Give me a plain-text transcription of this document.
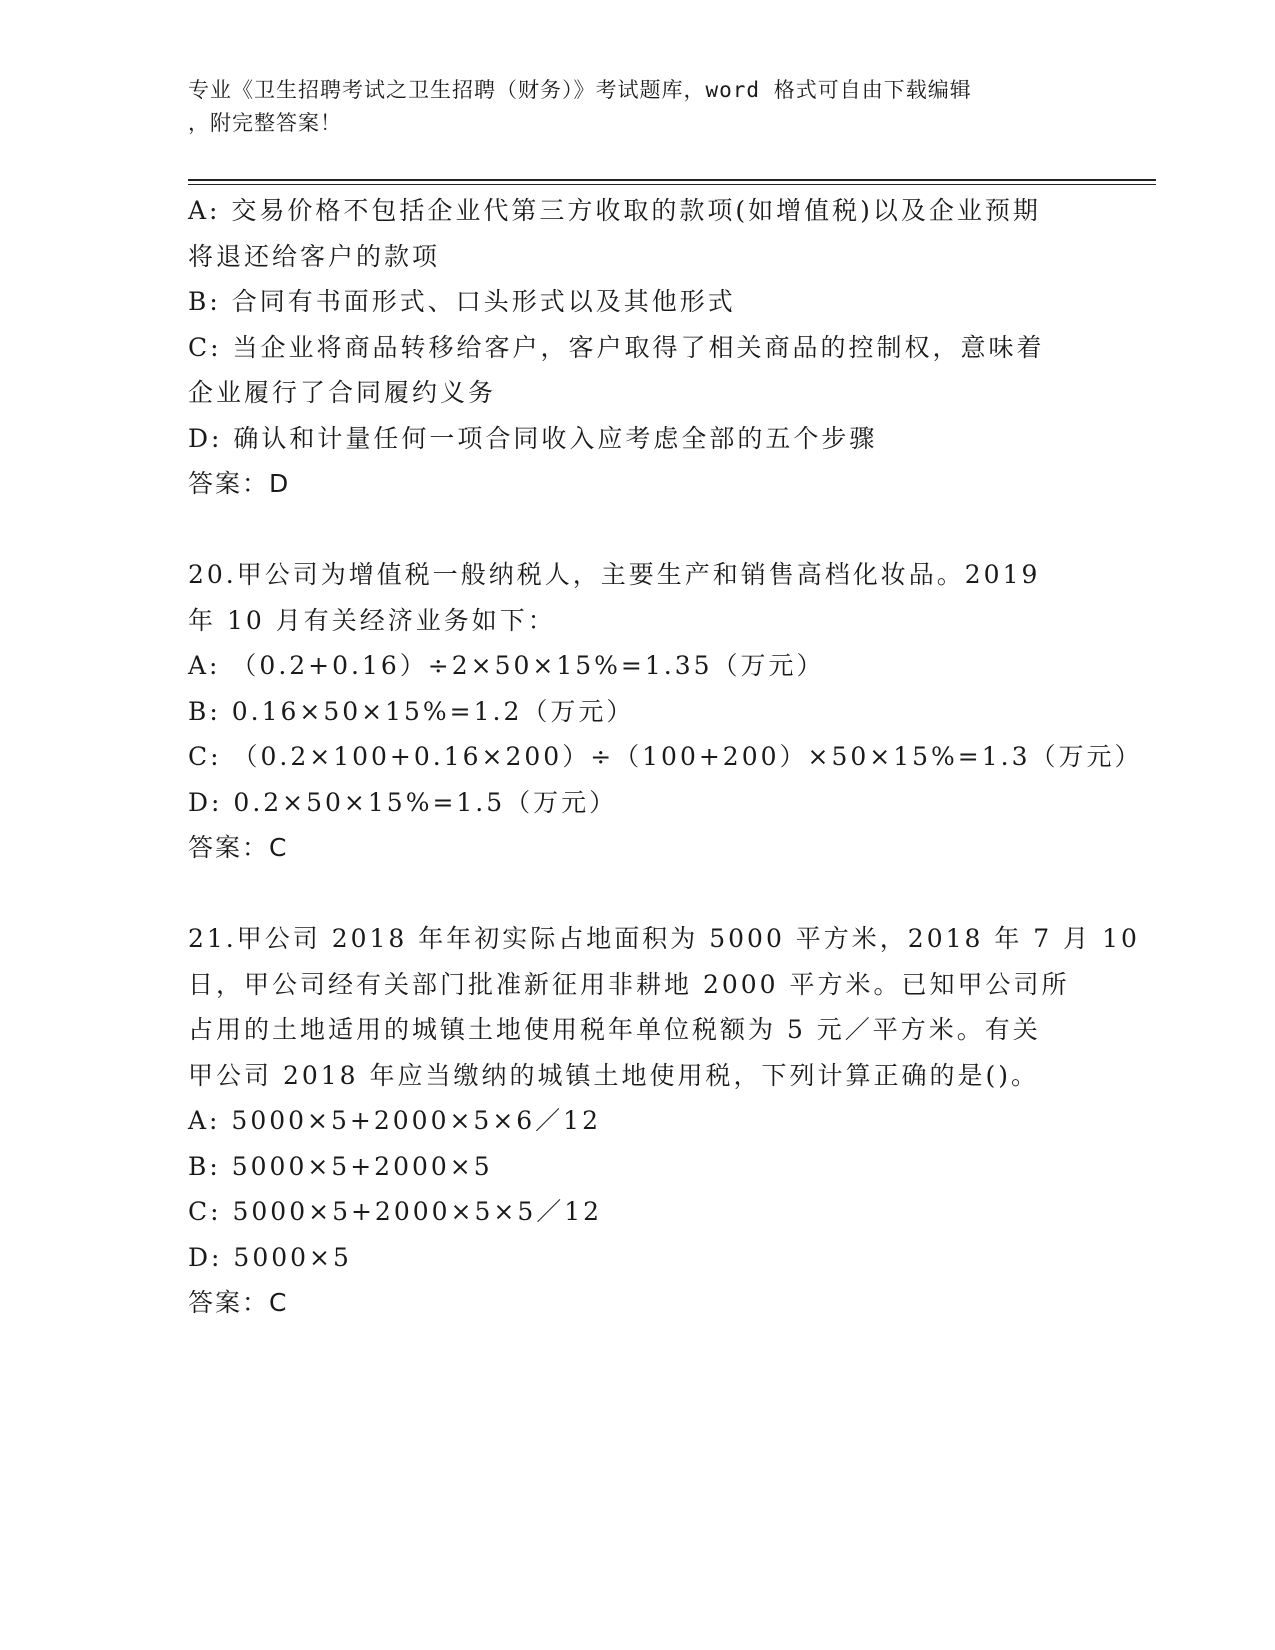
专业《卫生招聘考试之卫生招聘（财务）》考试题库，word 格式可自由下载编辑
，附完整答案！
A: 交易价格不包括企业代第三方收取的款项(如增值税)以及企业预期
将退还给客户的款项
B: 合同有书面形式、口头形式以及其他形式
C: 当企业将商品转移给客户，客户取得了相关商品的控制权，意味着
企业履行了合同履约义务
D: 确认和计量任何一项合同收入应考虑全部的五个步骤
答案：D
20.甲公司为增值税一般纳税人，主要生产和销售高档化妆品。2019
年 10 月有关经济业务如下：
A: （0.2+0.16）÷2×50×15%=1.35（万元）
B: 0.16×50×15%=1.2（万元）
C: （0.2×100+0.16×200）÷（100+200）×50×15%=1.3（万元）
D: 0.2×50×15%=1.5（万元）
答案：C
21.甲公司 2018 年年初实际占地面积为 5000 平方米，2018 年 7 月 10
日，甲公司经有关部门批准新征用非耕地 2000 平方米。已知甲公司所
占用的土地适用的城镇土地使用税年单位税额为 5 元／平方米。有关
甲公司 2018 年应当缴纳的城镇土地使用税，下列计算正确的是()。
A: 5000×5+2000×5×6／12
B: 5000×5+2000×5
C: 5000×5+2000×5×5／12
D: 5000×5
答案：C
